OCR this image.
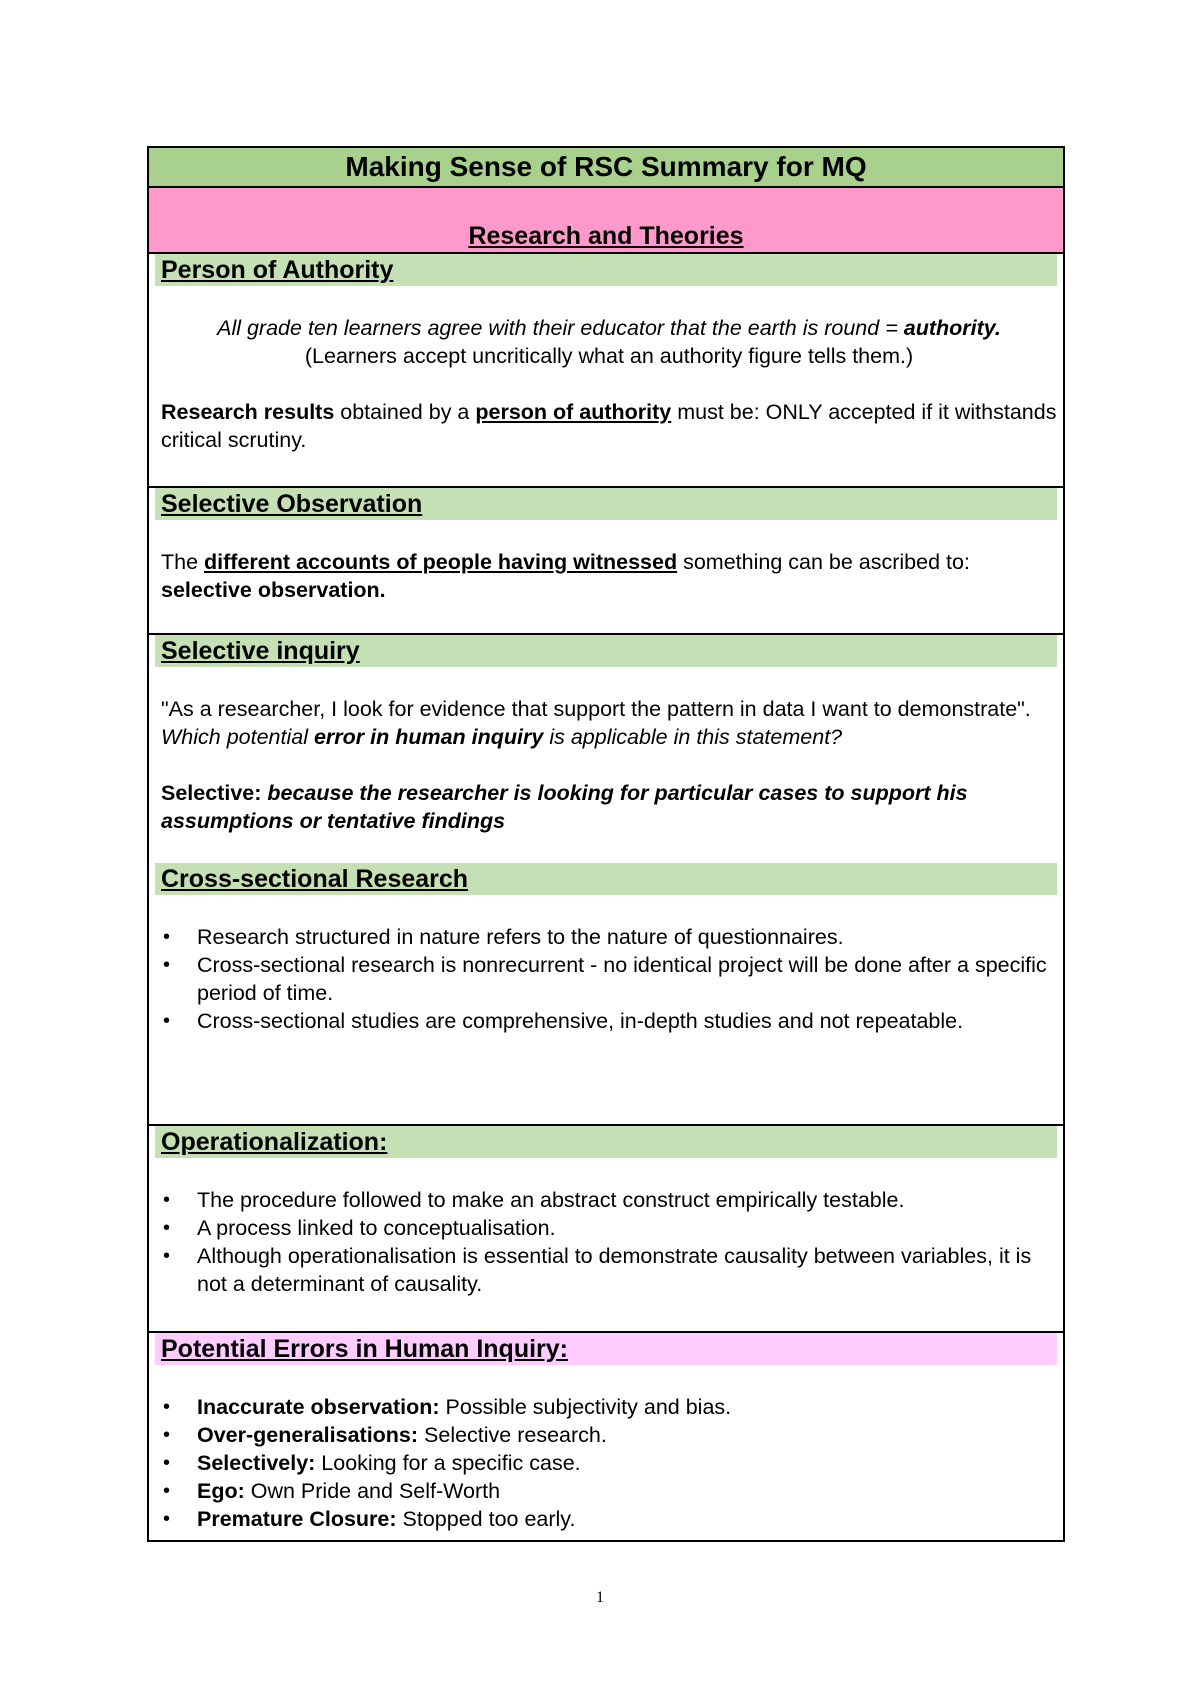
Making Sense of RSC Summary for MQ
Research and Theories
Person of Authority

All grade ten learners agree with their educator that the earth is round = authority.

(Learners accept uncritically what an authority figure tells them.)

Research results obtained by a person of authority must be: ONLY accepted if it withstands critical scrutiny.

Selective Observation

The different accounts of people having witnessed something can be ascribed to: selective observation.

Selective inquiry

"As a researcher, I look for evidence that support the pattern in data I want to demonstrate".

Which potential error in human inquiry is applicable in this statement?

Selective: because the researcher is looking for particular cases to support his assumptions or tentative findings

Cross-sectional Research
• Research structured in nature refers to the nature of questionnaires.
• Cross-sectional research is nonrecurrent - no identical project will be done after a specific period of time.
• Cross-sectional studies are comprehensive, in-depth studies and not repeatable.
Operationalization:
• The procedure followed to make an abstract construct empirically testable.
• A process linked to conceptualisation.
• Although operationalisation is essential to demonstrate causality between variables, it is not a determinant of causality.
Potential Errors in Human Inquiry:
• Inaccurate observation: Possible subjectivity and bias.
• Over-generalisations: Selective research.
• Selectively: Looking for a specific case.
• Ego: Own Pride and Self-Worth
• Premature Closure: Stopped too early.
1
